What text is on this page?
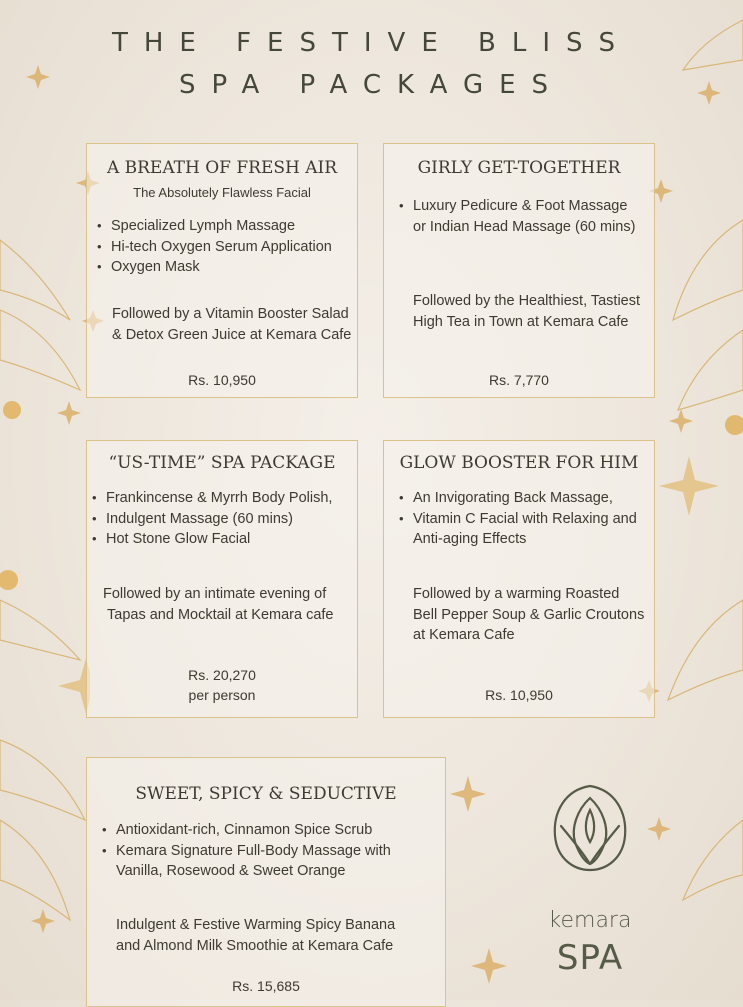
THE FESTIVE BLISS
SPA PACKAGES
A BREATH OF FRESH AIR
The Absolutely Flawless Facial
• Specialized Lymph Massage
• Hi-tech Oxygen Serum Application
• Oxygen Mask
Followed by a Vitamin Booster Salad
& Detox Green Juice at Kemara Cafe
Rs. 10,950
GIRLY GET-TOGETHER
• Luxury Pedicure & Foot Massage
or Indian Head Massage (60 mins)
Followed by the Healthiest, Tastiest
High Tea in Town at Kemara Cafe
Rs. 7,770
“US-TIME” SPA PACKAGE
• Frankincense & Myrrh Body Polish,
• Indulgent Massage (60 mins)
• Hot Stone Glow Facial
Followed by an intimate evening of
Tapas and Mocktail at Kemara cafe
Rs. 20,270
per person
GLOW BOOSTER FOR HIM
• An Invigorating Back Massage,
• Vitamin C Facial with Relaxing and
Anti-aging Effects
Followed by a warming Roasted
Bell Pepper Soup & Garlic Croutons
at Kemara Cafe
Rs. 10,950
SWEET, SPICY & SEDUCTIVE
• Antioxidant-rich, Cinnamon Spice Scrub
• Kemara Signature Full-Body Massage with
Vanilla, Rosewood & Sweet Orange
Indulgent & Festive Warming Spicy Banana
and Almond Milk Smoothie at Kemara Cafe
Rs. 15,685
kemara
SPA
